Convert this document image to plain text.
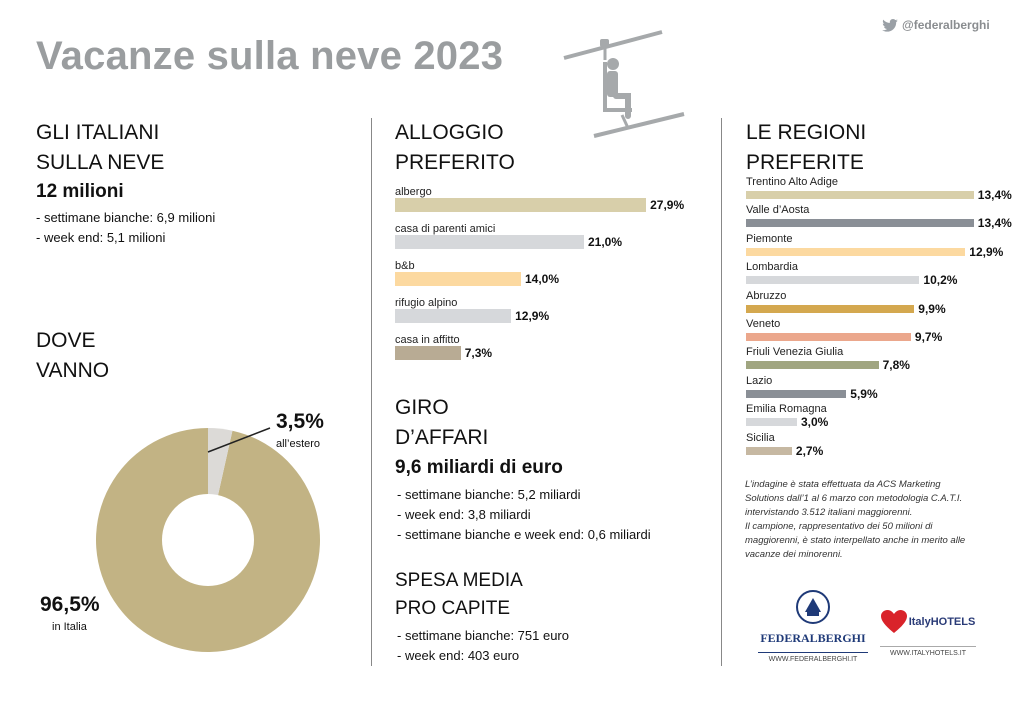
Vacanze sulla neve 2023
@federalberghi
GLI ITALIANI
SULLA NEVE
12 milioni
- settimane bianche: 6,9 milioni
- week end: 5,1 milioni
DOVE
VANNO
3,5%
all’estero
96,5%
in Italia
ALLOGGIO
PREFERITO
albergo
27,9%
casa di parenti amici
21,0%
b&b
14,0%
rifugio alpino
12,9%
casa in affitto
7,3%
GIRO
D’AFFARI
9,6 miliardi di euro
- settimane bianche: 5,2 miliardi
- week end: 3,8 miliardi
- settimane bianche e week end: 0,6 miliardi
SPESA MEDIA
PRO CAPITE
- settimane bianche: 751 euro
- week end: 403 euro
LE REGIONI
PREFERITE
Trentino Alto Adige
13,4%
Valle d’Aosta
13,4%
Piemonte
12,9%
Lombardia
10,2%
Abruzzo
9,9%
Veneto
9,7%
Friuli Venezia Giulia
7,8%
Lazio
5,9%
Emilia Romagna
3,0%
Sicilia
2,7%
L’indagine è stata effettuata da ACS Marketing Solutions dall’1 al 6 marzo con metodologia C.A.T.I. intervistando 3.512 italiani maggiorenni.
Il campione, rappresentativo dei 50 milioni di maggiorenni, è stato interpellato anche in merito alle vacanze dei minorenni.
FEDERALBERGHI
WWW.FEDERALBERGHI.IT
ItalyHOTELS
WWW.ITALYHOTELS.IT
